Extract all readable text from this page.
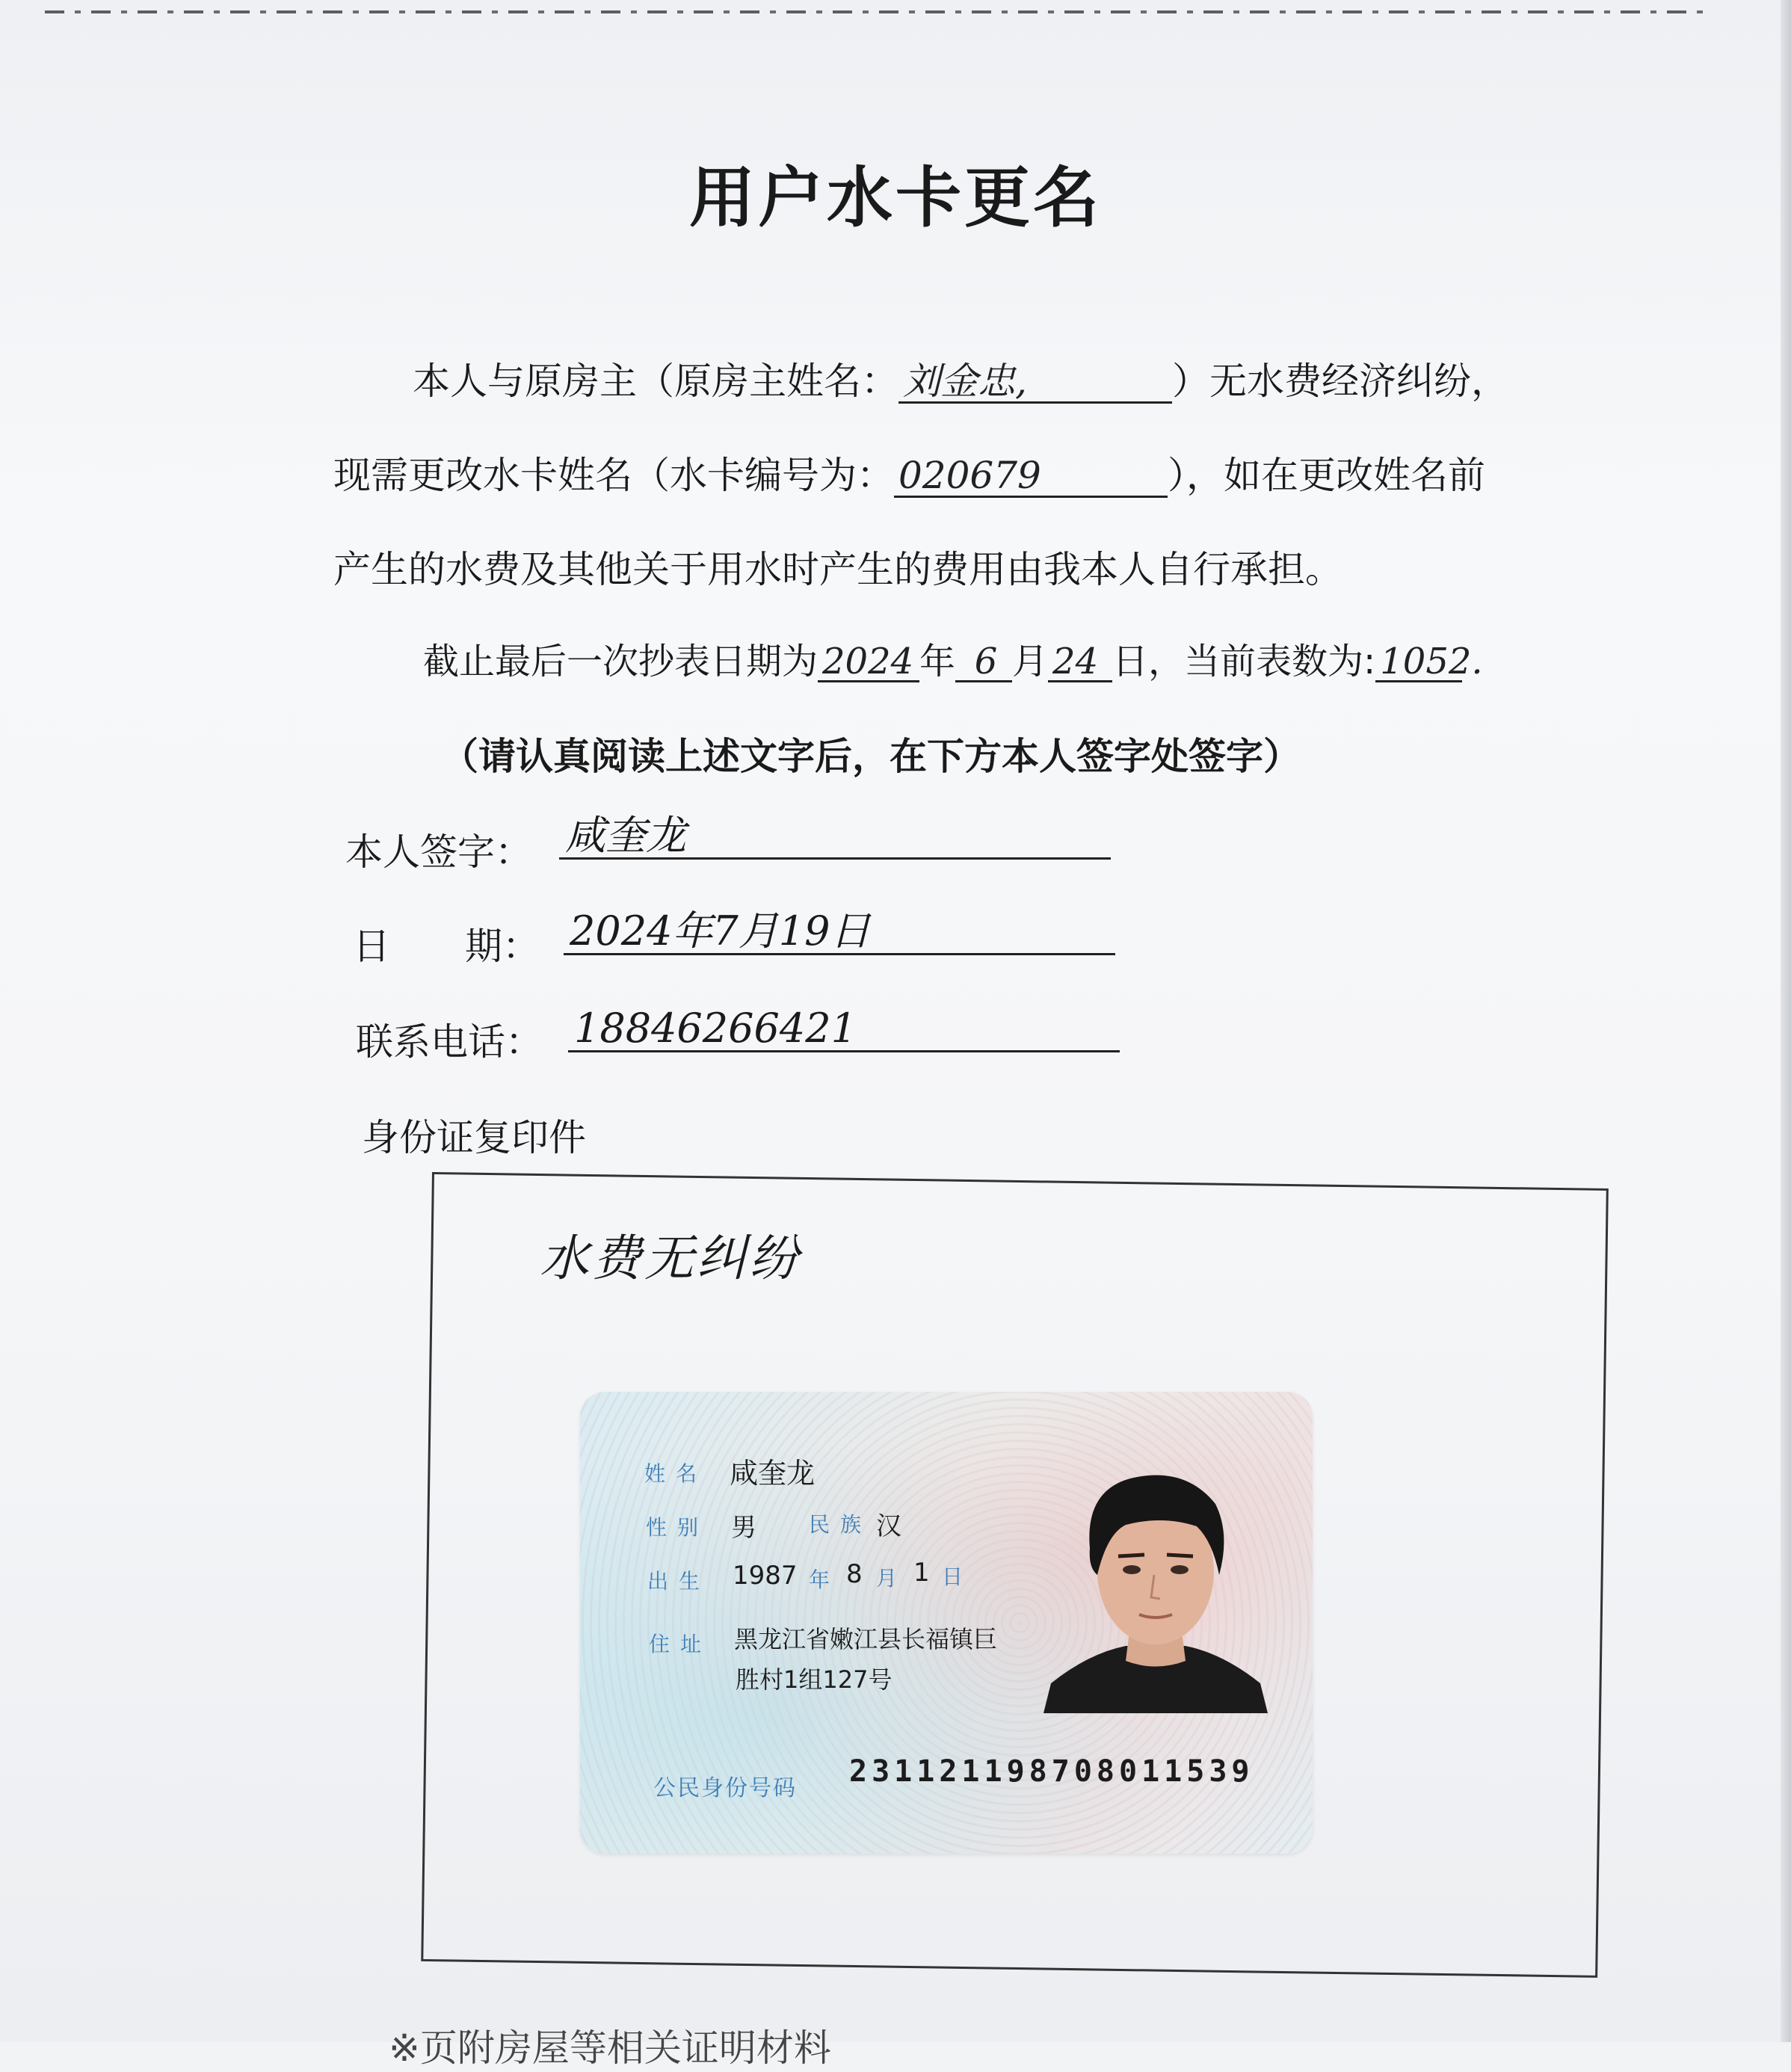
用户水卡更名
本人与原房主（原房主姓名： 刘金忠,	）无水费经济纠纷，
现需更改水卡姓名（水卡编号为： 020679	），如在更改姓名前
产生的水费及其他关于用水时产生的费用由我本人自行承担。
截止最后一次抄表日期为 2024 年 6 月 24 日，当前表数为: 1052.
（请认真阅读上述文字后，在下方本人签字处签字）
本人签字： 咸奎龙
日　　期： 2024年7月19日
联系电话： 18846266421
身份证复印件
水费无纠纷
姓名 咸奎龙
性别 男	民族 汉
出生 1987 年 8 月 1 日
住址 黑龙江省嫩江县长福镇巨
胜村1组127号
公民身份号码 231121198708011539
※页附房屋等相关证明材料
